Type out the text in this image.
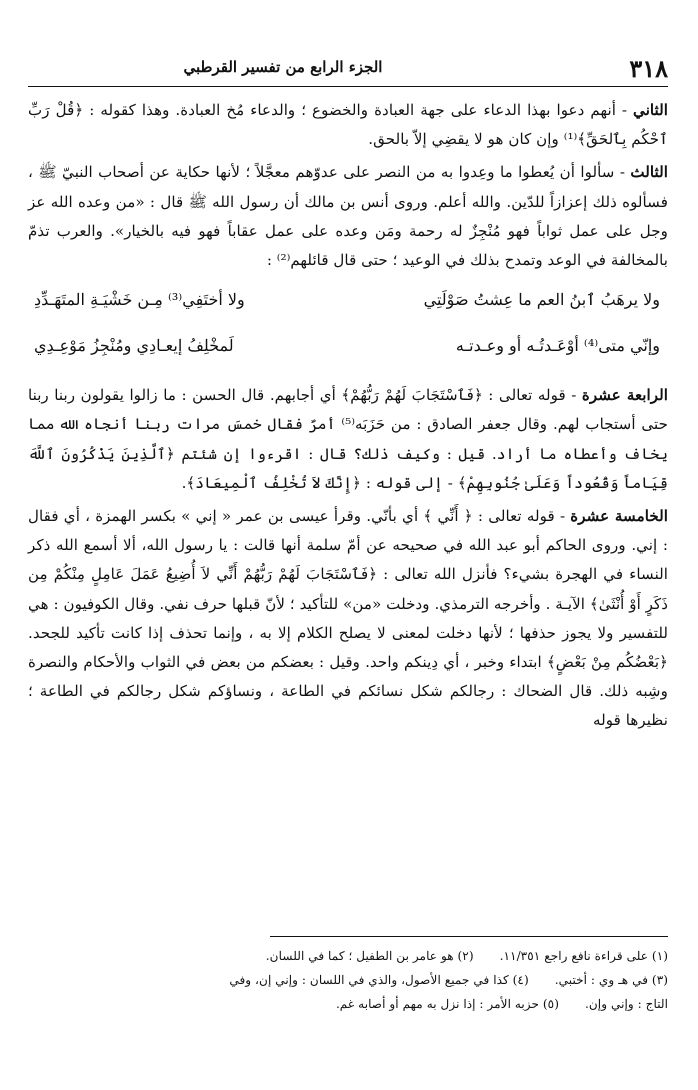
٣١٨
الجزء الرابع من تفسير القرطبي

الثاني - أنهم دعوا بهذا الدعاء على جهة العبادة والخضوع ؛ والدعاء مُخ العبادة. وهذا كقوله : ﴿قُلْ رَبِّ ٱحْكُم بِٱلحَقِّ﴾⁽¹⁾ وإن كان هو لا يقضِي إلاّ بالحق.

الثالث - سألوا أن يُعطوا ما وعِدوا به من النصر على عدوّهم معجَّلاً ؛ لأنها حكاية عن أصحاب النبيّ ﷺ ، فسألوه ذلك إعزازاً للدّين. والله أعلم. وروى أنس بن مالك أن رسول الله ﷺ قال : «من وعده الله عز وجل على عمل ثواباً فهو مُنْجِزٌ له رحمة ومَن وعده على عمل عقاباً فهو فيه بالخيار». والعرب تذمّ بالمخالفة في الوعد وتمدح بذلك في الوعيد ؛ حتى قال قائلهم⁽²⁾ :

ولا يرهَبُ ٱبنُ العم ما عِشتُ صَوْلَتِي
ولا أختَفِي⁽³⁾ مِـن خَشْيَـةِ المتَهَـدِّدِ
وإنّي متى⁽⁴⁾ أوْعَـدتُـه أو وعـدتـه
لَمخْلِفُ إيعـادِي ومُنْجِزُ مَوْعِـدِي

الرابعة عشرة - قوله تعالى : ﴿فَٱسْتَجَابَ لَهُمْ رَبُّهُمْ﴾ أي أجابهم. قال الحسن : ما زالوا يقولون ربنا ربنا حتى أستجاب لهم. وقال جعفر الصادق : من حَزَبَه⁽⁵⁾ أمرٌ فقال خمسَ مرات ربنا أنجاه الله مما يخاف وأعطاه ما أراد. قيل : وكيف ذلك؟ قال : اقرءوا إن شئتم ﴿ٱلَّذِينَ يَذْكُرُونَ ٱللَّهَ قِيَاماً وَقُعُوداً وَعَلَىٰ جُنُوبِهِمْ﴾ - إلى قوله : ﴿إِنَّكَ لاَ تُخْلِفُ ٱلْمِيعَادَ﴾.

الخامسة عشرة - قوله تعالى : ﴿ أَنِّي ﴾ أي بأنّي. وقرأ عيسى بن عمر « إني » بكسر الهمزة ، أي فقال : إني. وروى الحاكم أبو عبد الله في صحيحه عن أمّ سلمة أنها قالت : يا رسول الله، ألا أسمع الله ذكر النساء في الهجرة بشيء؟ فأنزل الله تعالى : ﴿فَٱسْتَجَابَ لَهُمْ رَبُّهُمْ أَنِّي لاَ أُضِيعُ عَمَلَ عَامِلٍ مِنْكُمْ مِن ذَكَرٍ أَوْ أُنْثَىٰ﴾ الآيـة . وأخرجه الترمذي. ودخلت «من» للتأكيد ؛ لأنّ قبلها حرف نفي. وقال الكوفيون : هي للتفسير ولا يجوز حذفها ؛ لأنها دخلت لمعنى لا يصلح الكلام إلا به ، وإنما تحذف إذا كانت تأكيد للجحد. ﴿بَعْضُكُم مِنْ بَعْضٍ﴾ ابتداء وخبر ، أي دِينكم واحد. وقيل : بعضكم من بعض في الثواب والأحكام والنصرة وشِبه ذلك. قال الضحاك : رجالكم شكل نسائكم في الطاعة ، ونساؤكم شكل رجالكم في الطاعة ؛ نظيرها قوله

(١) على قراءة نافع راجع ١١/٣٥١.
(٢) هو عامر بن الطفيل ؛ كما في اللسان.
(٣) في هـ وي : أختبي.
(٤) كذا في جميع الأصول، والذي في اللسان : وإني إن، وفي
التاج : وإني وإن.
(٥) حزبه الأمر : إذا نزل به مهم أو أصابه غم.
